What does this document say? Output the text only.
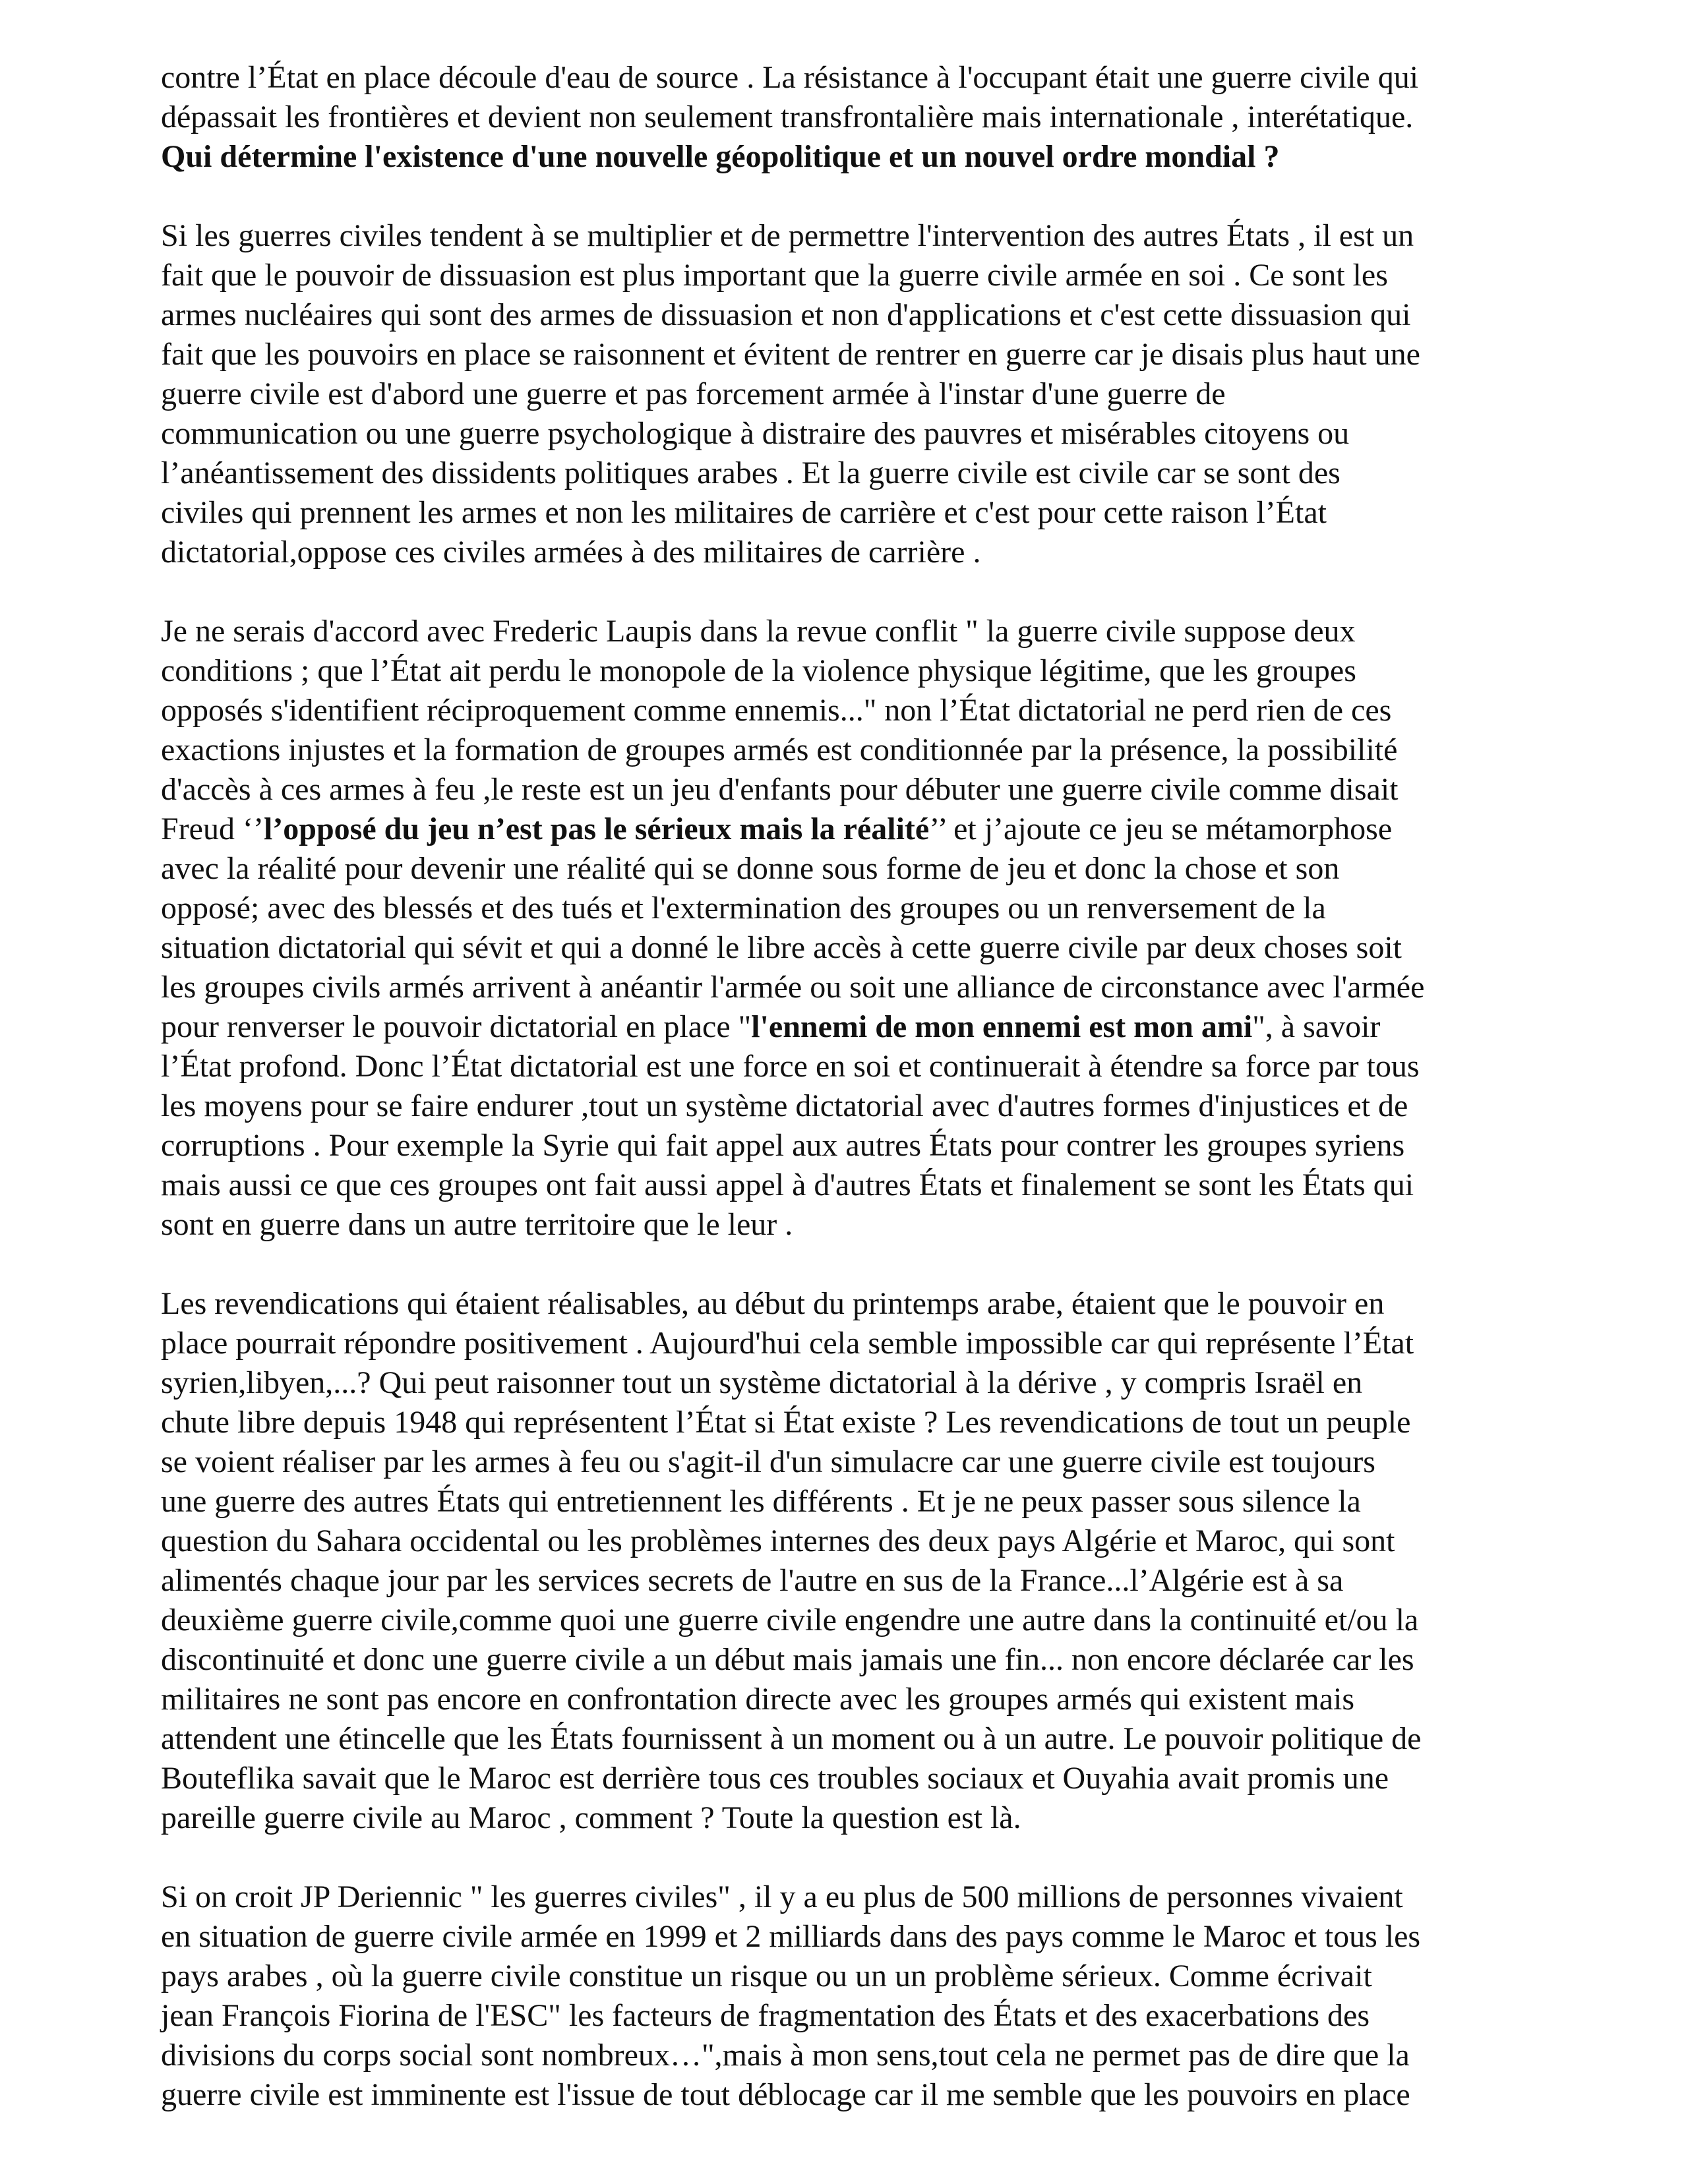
contre l’État en place découle d'eau de source . La résistance à l'occupant était une guerre civile qui
dépassait les frontières et devient non seulement transfrontalière mais internationale , interétatique.
Qui détermine l'existence d'une nouvelle géopolitique et un nouvel ordre mondial ?
Si les guerres civiles tendent à se multiplier et de permettre l'intervention des autres États , il est un
fait que le pouvoir de dissuasion est plus important que la guerre civile armée en soi . Ce sont les
armes nucléaires qui sont des armes de dissuasion et non d'applications et c'est cette dissuasion qui
fait que les pouvoirs en place se raisonnent et évitent de rentrer en guerre car je disais plus haut une
guerre civile est d'abord une guerre et pas forcement armée à l'instar d'une guerre de
communication ou une guerre psychologique à distraire des pauvres et misérables citoyens ou
l’anéantissement des dissidents politiques arabes . Et la guerre civile est civile car se sont des
civiles qui prennent les armes et non les militaires de carrière et c'est pour cette raison l’État
dictatorial,oppose ces civiles armées à des militaires de carrière .
Je ne serais d'accord avec Frederic Laupis dans la revue conflit " la guerre civile suppose deux
conditions ; que l’État ait perdu le monopole de la violence physique légitime, que les groupes
opposés s'identifient réciproquement comme ennemis..." non l’État dictatorial ne perd rien de ces
exactions injustes et la formation de groupes armés est conditionnée par la présence, la possibilité
d'accès à ces armes à feu ,le reste est un jeu d'enfants pour débuter une guerre civile comme disait
Freud ‘’l’opposé du jeu n’est pas le sérieux mais la réalité’’ et j’ajoute ce jeu se métamorphose
avec la réalité pour devenir une réalité qui se donne sous forme de jeu et donc la chose et son
opposé; avec des blessés et des tués et l'extermination des groupes ou un renversement de la
situation dictatorial qui sévit et qui a donné le libre accès à cette guerre civile par deux choses soit
les groupes civils armés arrivent à anéantir l'armée ou soit une alliance de circonstance avec l'armée
pour renverser le pouvoir dictatorial en place "l'ennemi de mon ennemi est mon ami", à savoir
l’État profond. Donc l’État dictatorial est une force en soi et continuerait à étendre sa force par tous
les moyens pour se faire endurer ,tout un système dictatorial avec d'autres formes d'injustices et de
corruptions . Pour exemple la Syrie qui fait appel aux autres États pour contrer les groupes syriens
mais aussi ce que ces groupes ont fait aussi appel à d'autres États et finalement se sont les États qui
sont en guerre dans un autre territoire que le leur .
Les revendications qui étaient réalisables, au début du printemps arabe, étaient que le pouvoir en
place pourrait répondre positivement . Aujourd'hui cela semble impossible car qui représente l’État
syrien,libyen,...? Qui peut raisonner tout un système dictatorial à la dérive , y compris Israël en
chute libre depuis 1948 qui représentent l’État si État existe ? Les revendications de tout un peuple
se voient réaliser par les armes à feu ou s'agit-il d'un simulacre car une guerre civile est toujours
une guerre des autres États qui entretiennent les différents . Et je ne peux passer sous silence la
question du Sahara occidental ou les problèmes internes des deux pays Algérie et Maroc, qui sont
alimentés chaque jour par les services secrets de l'autre en sus de la France...l’Algérie est à sa
deuxième guerre civile,comme quoi une guerre civile engendre une autre dans la continuité et/ou la
discontinuité et donc une guerre civile a un début mais jamais une fin... non encore déclarée car les
militaires ne sont pas encore en confrontation directe avec les groupes armés qui existent mais
attendent une étincelle que les États fournissent à un moment ou à un autre. Le pouvoir politique de
Bouteflika savait que le Maroc est derrière tous ces troubles sociaux et Ouyahia avait promis une
pareille guerre civile au Maroc , comment ? Toute la question est là.
Si on croit JP Deriennic " les guerres civiles" , il y a eu plus de 500 millions de personnes vivaient
en situation de guerre civile armée en 1999 et 2 milliards dans des pays comme le Maroc et tous les
pays arabes , où la guerre civile constitue un risque ou un un problème sérieux. Comme écrivait
jean François Fiorina de l'ESC" les facteurs de fragmentation des États et des exacerbations des
divisions du corps social sont nombreux…",mais à mon sens,tout cela ne permet pas de dire que la
guerre civile est imminente est l'issue de tout déblocage car il me semble que les pouvoirs en place
